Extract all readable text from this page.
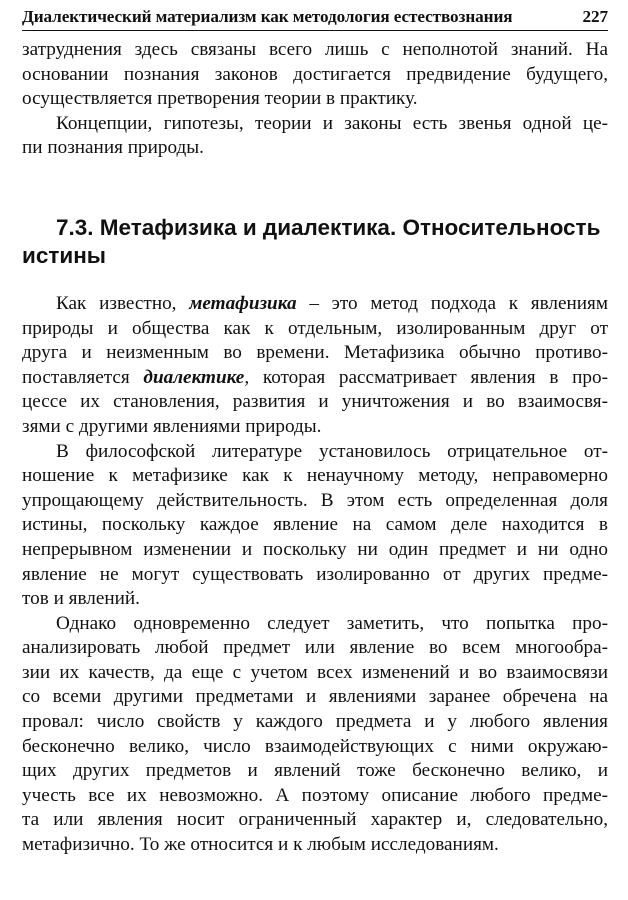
Диалектический материализм как методология естествознания	227
затруднения здесь связаны всего лишь с неполнотой знаний. На
основании познания законов достигается предвидение будущего,
осуществляется претворения теории в практику.
Концепции, гипотезы, теории и законы есть звенья одной це-
пи познания природы.
7.3. Метафизика и диалектика. Относительность
истины
Как известно, метафизика – это метод подхода к явлениям
природы и общества как к отдельным, изолированным друг от
друга и неизменным во времени. Метафизика обычно противо-
поставляется диалектике, которая рассматривает явления в про-
цессе их становления, развития и уничтожения и во взаимосвя-
зями с другими явлениями природы.
В философской литературе установилось отрицательное от-
ношение к метафизике как к ненаучному методу, неправомерно
упрощающему действительность. В этом есть определенная доля
истины, поскольку каждое явление на самом деле находится в
непрерывном изменении и поскольку ни один предмет и ни одно
явление не могут существовать изолированно от других предме-
тов и явлений.
Однако одновременно следует заметить, что попытка про-
анализировать любой предмет или явление во всем многообра-
зии их качеств, да еще с учетом всех изменений и во взаимосвязи
со всеми другими предметами и явлениями заранее обречена на
провал: число свойств у каждого предмета и у любого явления
бесконечно велико, число взаимодействующих с ними окружаю-
щих других предметов и явлений тоже бесконечно велико, и
учесть все их невозможно. А поэтому описание любого предме-
та или явления носит ограниченный характер и, следовательно,
метафизично. То же относится и к любым исследованиям.
